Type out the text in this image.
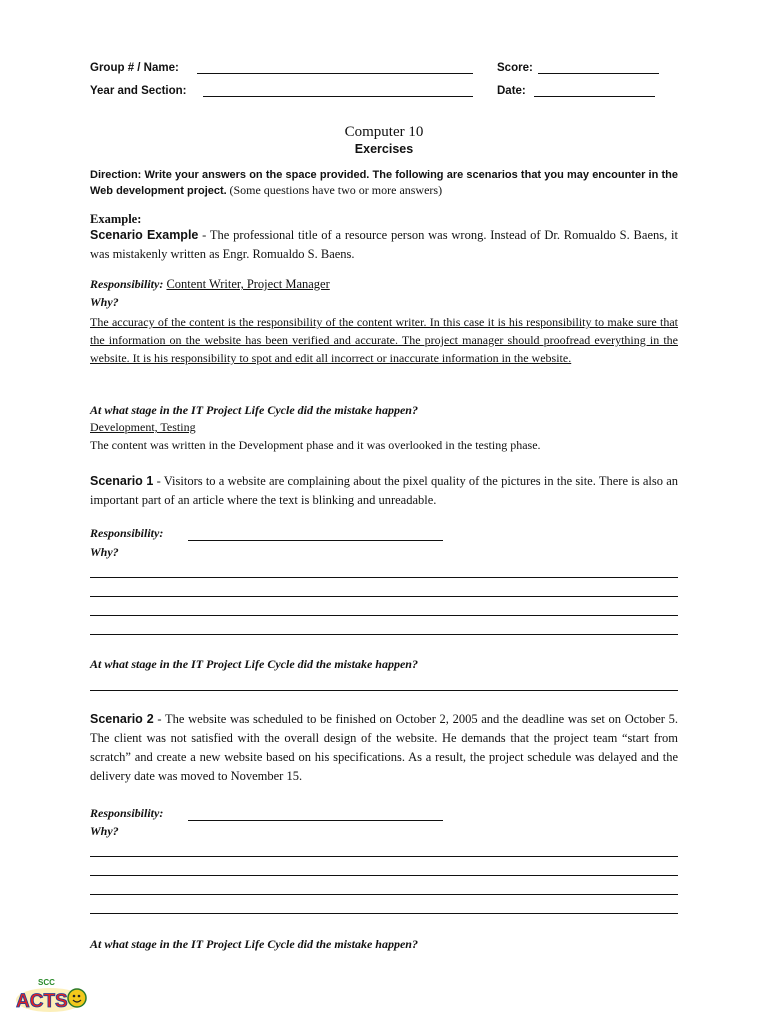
Group # / Name:	Score:
Year and Section:	Date:
Computer 10
Exercises
Direction: Write your answers on the space provided. The following are scenarios that you may encounter in the Web development project. (Some questions have two or more answers)
Example:
Scenario Example - The professional title of a resource person was wrong. Instead of Dr. Romualdo S. Baens, it was mistakenly written as Engr. Romualdo S. Baens.
Responsibility: Content Writer, Project Manager
Why?
The accuracy of the content is the responsibility of the content writer. In this case it is his responsibility to make sure that the information on the website has been verified and accurate. The project manager should proofread everything in the website. It is his responsibility to spot and edit all incorrect or inaccurate information in the website.
At what stage in the IT Project Life Cycle did the mistake happen?
Development, Testing
The content was written in the Development phase and it was overlooked in the testing phase.
Scenario 1 - Visitors to a website are complaining about the pixel quality of the pictures in the site. There is also an important part of an article where the text is blinking and unreadable.
Responsibility:
Why?
At what stage in the IT Project Life Cycle did the mistake happen?
Scenario 2 - The website was scheduled to be finished on October 2, 2005 and the deadline was set on October 5. The client was not satisfied with the overall design of the website. He demands that the project team “start from scratch” and create a new website based on his specifications. As a result, the project schedule was delayed and the delivery date was moved to November 15.
Responsibility:
Why?
At what stage in the IT Project Life Cycle did the mistake happen?
SCC
ACTS
